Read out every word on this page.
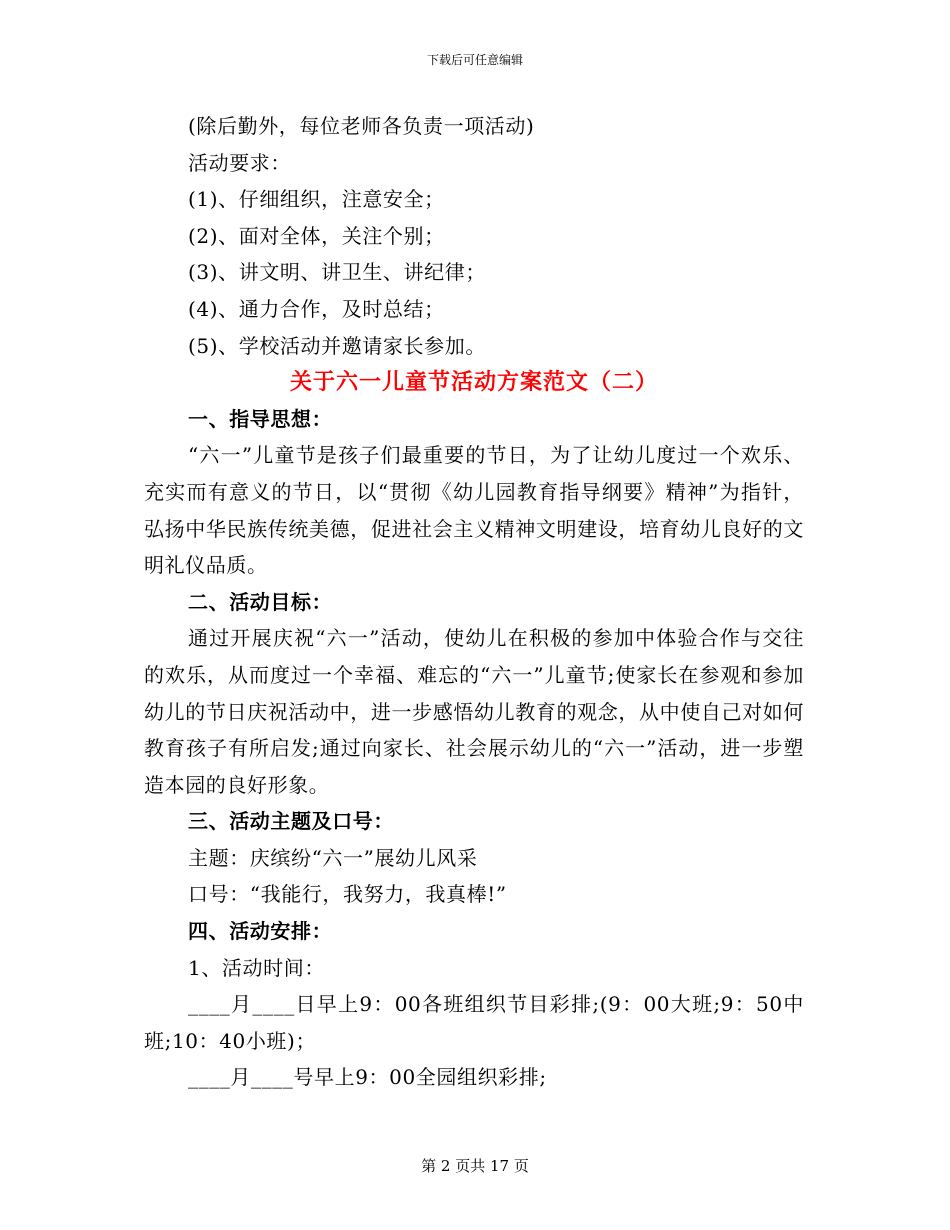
下载后可任意编辑
(除后勤外，每位老师各负责一项活动)
活动要求：
(1)、仔细组织，注意安全；
(2)、面对全体，关注个别；
(3)、讲文明、讲卫生、讲纪律；
(4)、通力合作，及时总结；
(5)、学校活动并邀请家长参加。
关于六一儿童节活动方案范文（二）
一、指导思想：

“六一”儿童节是孩子们最重要的节日，为了让幼儿度过一个欢乐、充实而有意义的节日，以“贯彻《幼儿园教育指导纲要》精神”为指针，弘扬中华民族传统美德，促进社会主义精神文明建设，培育幼儿良好的文明礼仪品质。

二、活动目标：

通过开展庆祝“六一”活动，使幼儿在积极的参加中体验合作与交往的欢乐，从而度过一个幸福、难忘的“六一”儿童节;使家长在参观和参加幼儿的节日庆祝活动中，进一步感悟幼儿教育的观念，从中使自己对如何教育孩子有所启发;通过向家长、社会展示幼儿的“六一”活动，进一步塑造本园的良好形象。

三、活动主题及口号：
主题：庆缤纷“六一”展幼儿风采
口号：“我能行，我努力，我真棒!”
四、活动安排：
1、活动时间：

____月____日早上9：00各班组织节目彩排;(9：00大班;9：50中班;10：40小班)；

____月____号早上9：00全园组织彩排;

第 2 页共 17 页
